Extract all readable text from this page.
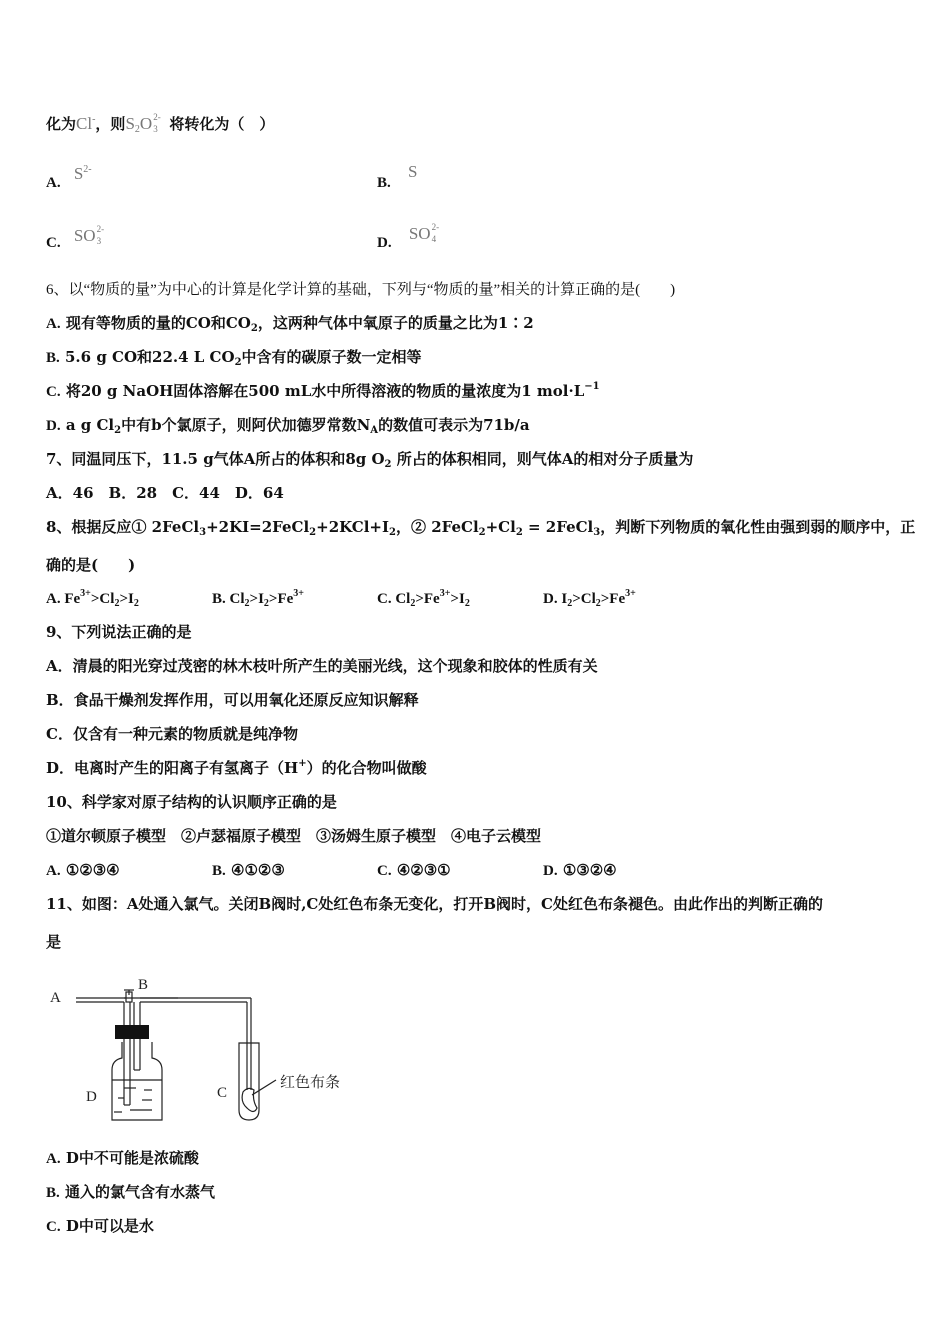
化为Cl-，则$S_2O$ 2-
3 将转化为（　）
A. $S^{2-}$
B. S
C. SO 2-
3	D. SO 2-
4
6、以“物质的量”为中心的计算是化学计算的基础，下列与“物质的量”相关的计算正确的是(　　)
A. 现有等物质的量的CO和$CO_2$，这两种气体中氧原子的质量之比为1∶2
B. 5.6 g CO和22.4 L $CO_2$中含有的碳原子数一定相等
C. 将20 g NaOH固体溶解在500 mL水中所得溶液的物质的量浓度为1 $mol\cdot L^{-1}$
D. a g $Cl_2$中有b个氯原子，则阿伏加德罗常数$N_A$的数值可表示为71b/a
7、同温同压下，11.5 g气体A所占的体积和8g $O_2$ 所占的体积相同，则气体A的相对分子质量为
A．46　B．28　C．44　D．64
8、根据反应① $2FeCl_3+2KI=2FeCl_2+2KCl+I_2$，② $2FeCl_2+Cl_2$ = 2FeCl$_3$，判断下列物质的氧化性由强到弱的顺序中，正
确的是(　　)
A. $Fe^{3+}>Cl_2>I_2$	B. $Cl_2>I_2>Fe^{3+}$	C. $Cl_2>Fe^{3+}>I_2$	D. $I_2>Cl_2>Fe^{3+}$
9、下列说法正确的是
A．清晨的阳光穿过茂密的林木枝叶所产生的美丽光线，这个现象和胶体的性质有关
B．食品干燥剂发挥作用，可以用氧化还原反应知识解释
C．仅含有一种元素的物质就是纯净物
D．电离时产生的阳离子有氢离子（H+）的化合物叫做酸
10、科学家对原子结构的认识顺序正确的是
①道尔顿原子模型　②卢瑟福原子模型　③汤姆生原子模型　④电子云模型
A. ①②③④	B. ④①②③	C. ④②③①	D. ①③②④
11、如图：A处通入氯气。关闭B阀时,C处红色布条无变化，打开B阀时，C处红色布条褪色。由此作出的判断正确的
是
A
B
C
D
红色布条
A. D中不可能是浓硫酸
B. 通入的氯气含有水蒸气
C. D中可以是水
